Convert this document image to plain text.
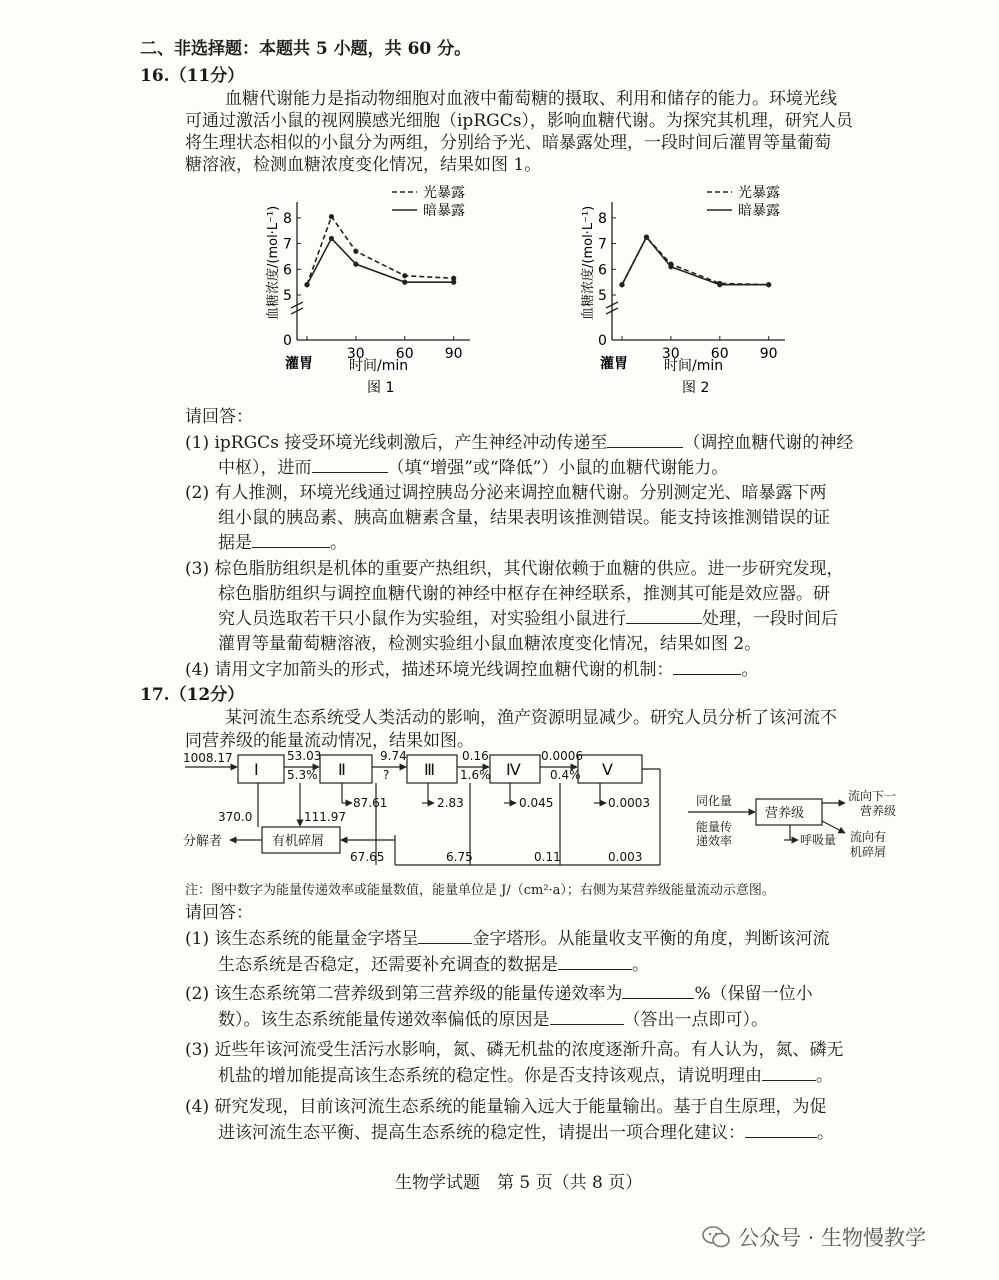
二、非选择题：本题共 5 小题，共 60 分。
16.（11分）
血糖代谢能力是指动物细胞对血液中葡萄糖的摄取、利用和储存的能力。环境光线
可通过激活小鼠的视网膜感光细胞（ipRGCs），影响血糖代谢。为探究其机理，研究人员
将生理状态相似的小鼠分为两组，分别给予光、暗暴露处理，一段时间后灌胃等量葡萄
糖溶液，检测血糖浓度变化情况，结果如图 1。
5
6
7
8
0
30 60 90
灌胃	时间/min
图 1
血糖浓度/(mol·L⁻¹)
光暴露
暗暴露
5
6
7
8
0
30 60 90
灌胃	时间/min
图 2
血糖浓度/(mol·L⁻¹)
光暴露
暗暴露
请回答：
(1) ipRGCs 接受环境光线刺激后，产生神经冲动传递至	（调控血糖代谢的神经
中枢），进而	（填“增强”或“降低”）小鼠的血糖代谢能力。
(2) 有人推测，环境光线通过调控胰岛分泌来调控血糖代谢。分别测定光、暗暴露下两
组小鼠的胰岛素、胰高血糖素含量，结果表明该推测错误。能支持该推测错误的证
据是	。
(3) 棕色脂肪组织是机体的重要产热组织，其代谢依赖于血糖的供应。进一步研究发现，
棕色脂肪组织与调控血糖代谢的神经中枢存在神经联系，推测其可能是效应器。研
究人员选取若干只小鼠作为实验组，对实验组小鼠进行	处理，一段时间后
灌胃等量葡萄糖溶液，检测实验组小鼠血糖浓度变化情况，结果如图 2。
(4) 请用文字加箭头的形式，描述环境光线调控血糖代谢的机制：	。
17.（12分）
某河流生态系统受人类活动的影响，渔产资源明显减少。研究人员分析了该河流不
同营养级的能量流动情况，结果如图。
1008.17
Ⅰ	Ⅱ	Ⅲ	Ⅳ	Ⅴ
53.03	9.74	0.16	0.0006
5.3%	?	1.6%	0.4%
87.61	2.83	0.045	0.0003
370.0	111.97
67.65	6.75	0.11	0.003
分解者	有机碎屑
营养级
同化量
能量传
递效率	呼吸量
流向下一
营养级
流向有
机碎屑
注：图中数字为能量传递效率或能量数值，能量单位是 J/（cm²·a）；右侧为某营养级能量流动示意图。
请回答：
(1) 该生态系统的能量金字塔呈	金字塔形。从能量收支平衡的角度，判断该河流
生态系统是否稳定，还需要补充调查的数据是	。
(2) 该生态系统第二营养级到第三营养级的能量传递效率为	%（保留一位小
数）。该生态系统能量传递效率偏低的原因是	（答出一点即可）。
(3) 近些年该河流受生活污水影响，氮、磷无机盐的浓度逐渐升高。有人认为，氮、磷无
机盐的增加能提高该生态系统的稳定性。你是否支持该观点，请说明理由	。
(4) 研究发现，目前该河流生态系统的能量输入远大于能量输出。基于自生原理，为促
进该河流生态平衡、提高生态系统的稳定性，请提出一项合理化建议：	。
生物学试题　第 5 页（共 8 页）
公众号 · 生物慢教学
